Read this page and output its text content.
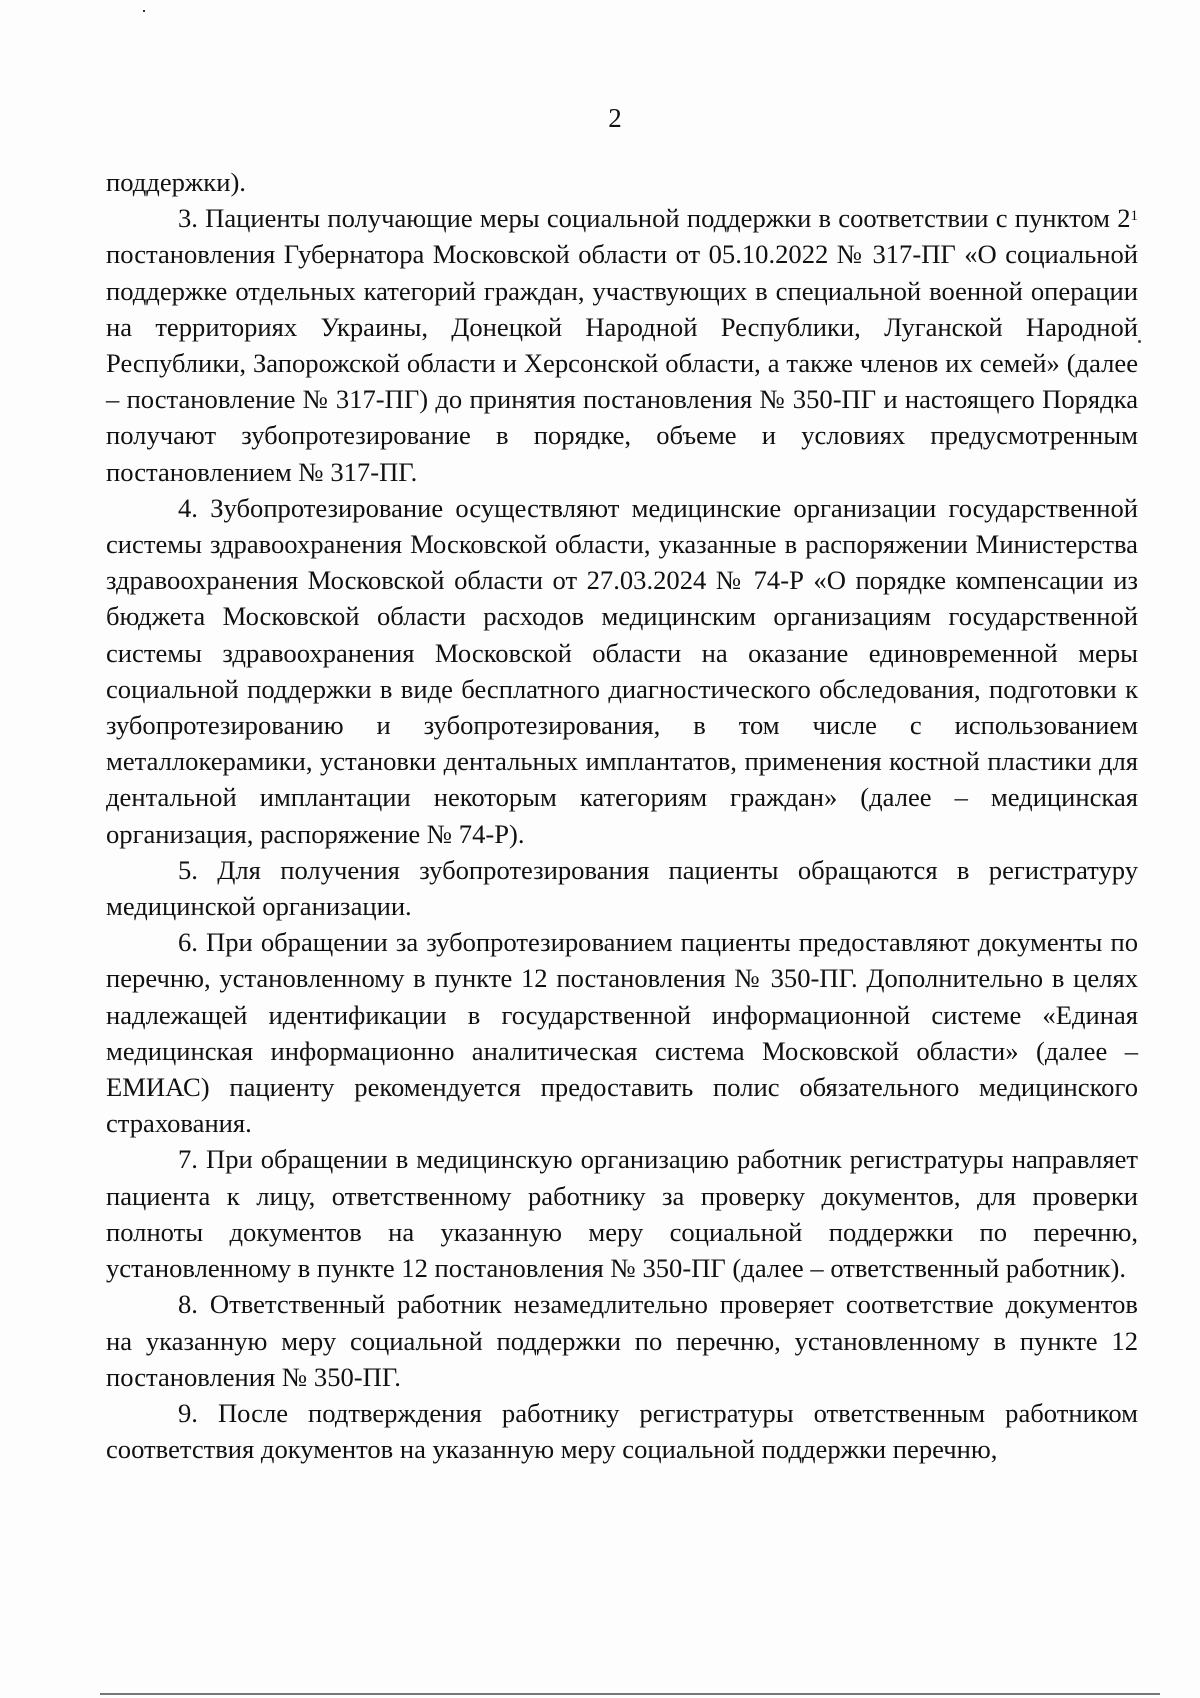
2

поддержки).

3. Пациенты получающие меры социальной поддержки в соответствии с пунктом $2^1$ постановления Губернатора Московской области от 05.10.2022 № 317-ПГ «О социальной поддержке отдельных категорий граждан, участвующих в специальной военной операции на территориях Украины, Донецкой Народной Республики, Луганской Народной Республики, Запорожской области и Херсонской области, а также членов их семей» (далее – постановление № 317-ПГ) до принятия постановления № 350-ПГ и настоящего Порядка получают зубопротезирование в порядке, объеме и условиях предусмотренным постановлением № 317-ПГ.

4. Зубопротезирование осуществляют медицинские организации государственной системы здравоохранения Московской области, указанные в распоряжении Министерства здравоохранения Московской области от 27.03.2024 № 74-Р «О порядке компенсации из бюджета Московской области расходов медицинским организациям государственной системы здравоохранения Московской области на оказание единовременной меры социальной поддержки в виде бесплатного диагностического обследования, подготовки к зубопротезированию и зубопротезирования, в том числе с использованием металлокерамики, установки дентальных имплантатов, применения костной пластики для дентальной имплантации некоторым категориям граждан» (далее – медицинская организация, распоряжение № 74-Р).

5. Для получения зубопротезирования пациенты обращаются в регистратуру медицинской организации.

6. При обращении за зубопротезированием пациенты предоставляют документы по перечню, установленному в пункте 12 постановления № 350-ПГ. Дополнительно в целях надлежащей идентификации в государственной информационной системе «Единая медицинская информационно аналитическая система Московской области» (далее – ЕМИАС) пациенту рекомендуется предоставить полис обязательного медицинского страхования.

7. При обращении в медицинскую организацию работник регистратуры направляет пациента к лицу, ответственному работнику за проверку документов, для проверки полноты документов на указанную меру социальной поддержки по перечню, установленному в пункте 12 постановления № 350-ПГ (далее – ответственный работник).

8. Ответственный работник незамедлительно проверяет соответствие документов на указанную меру социальной поддержки по перечню, установленному в пункте 12 постановления № 350-ПГ.

9. После подтверждения работнику регистратуры ответственным работником соответствия документов на указанную меру социальной поддержки перечню,
